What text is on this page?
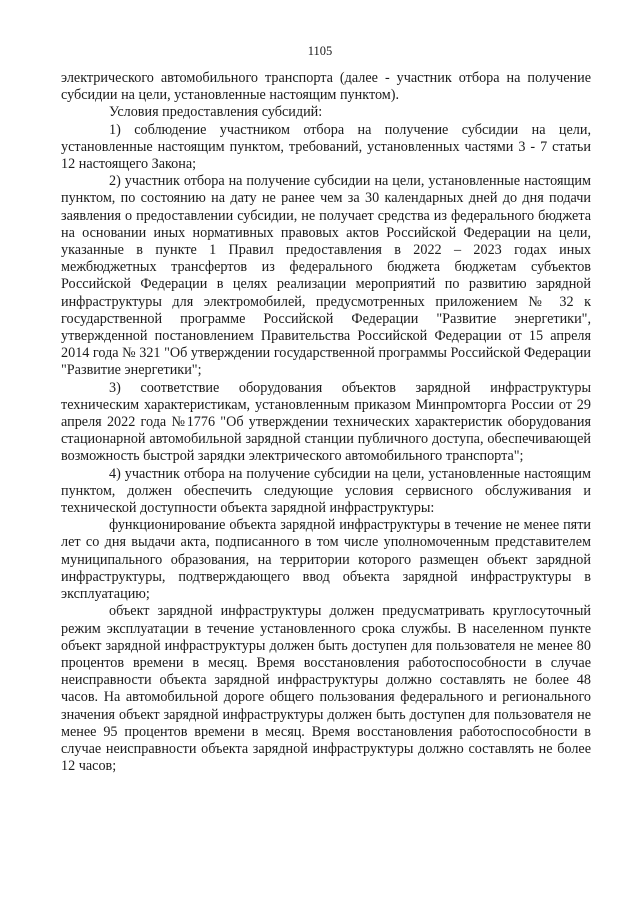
1105

электрического автомобильного транспорта (далее - участник отбора на получение субсидии на цели, установленные настоящим пунктом).

Условия предоставления субсидий:

1) соблюдение участником отбора на получение субсидии на цели, установленные настоящим пунктом, требований, установленных частями 3 - 7 статьи 12 настоящего Закона;

2) участник отбора на получение субсидии на цели, установленные настоящим пунктом, по состоянию на дату не ранее чем за 30 календарных дней до дня подачи заявления о предоставлении субсидии, не получает средства из федерального бюджета на основании иных нормативных правовых актов Российской Федерации на цели, указанные в пункте 1 Правил предоставления в 2022 – 2023 годах иных межбюджетных трансфертов из федерального бюджета бюджетам субъектов Российской Федерации в целях реализации мероприятий по развитию зарядной инфраструктуры для электромобилей, предусмотренных приложением № 32 к государственной программе Российской Федерации "Развитие энергетики", утвержденной постановлением Правительства Российской Федерации от 15 апреля 2014 года № 321 "Об утверждении государственной программы Российской Федерации "Развитие энергетики";

3) соответствие оборудования объектов зарядной инфраструктуры техническим характеристикам, установленным приказом Минпромторга России от 29 апреля 2022 года №1776 "Об утверждении технических характеристик оборудования стационарной автомобильной зарядной станции публичного доступа, обеспечивающей возможность быстрой зарядки электрического автомобильного транспорта";

4) участник отбора на получение субсидии на цели, установленные настоящим пунктом, должен обеспечить следующие условия сервисного обслуживания и технической доступности объекта зарядной инфраструктуры:

функционирование объекта зарядной инфраструктуры в течение не менее пяти лет со дня выдачи акта, подписанного в том числе уполномоченным представителем муниципального образования, на территории которого размещен объект зарядной инфраструктуры, подтверждающего ввод объекта зарядной инфраструктуры в эксплуатацию;

объект зарядной инфраструктуры должен предусматривать круглосуточный режим эксплуатации в течение установленного срока службы. В населенном пункте объект зарядной инфраструктуры должен быть доступен для пользователя не менее 80 процентов времени в месяц. Время восстановления работоспособности в случае неисправности объекта зарядной инфраструктуры должно составлять не более 48 часов. На автомобильной дороге общего пользования федерального и регионального значения объект зарядной инфраструктуры должен быть доступен для пользователя не менее 95 процентов времени в месяц. Время восстановления работоспособности в случае неисправности объекта зарядной инфраструктуры должно составлять не более 12 часов;
